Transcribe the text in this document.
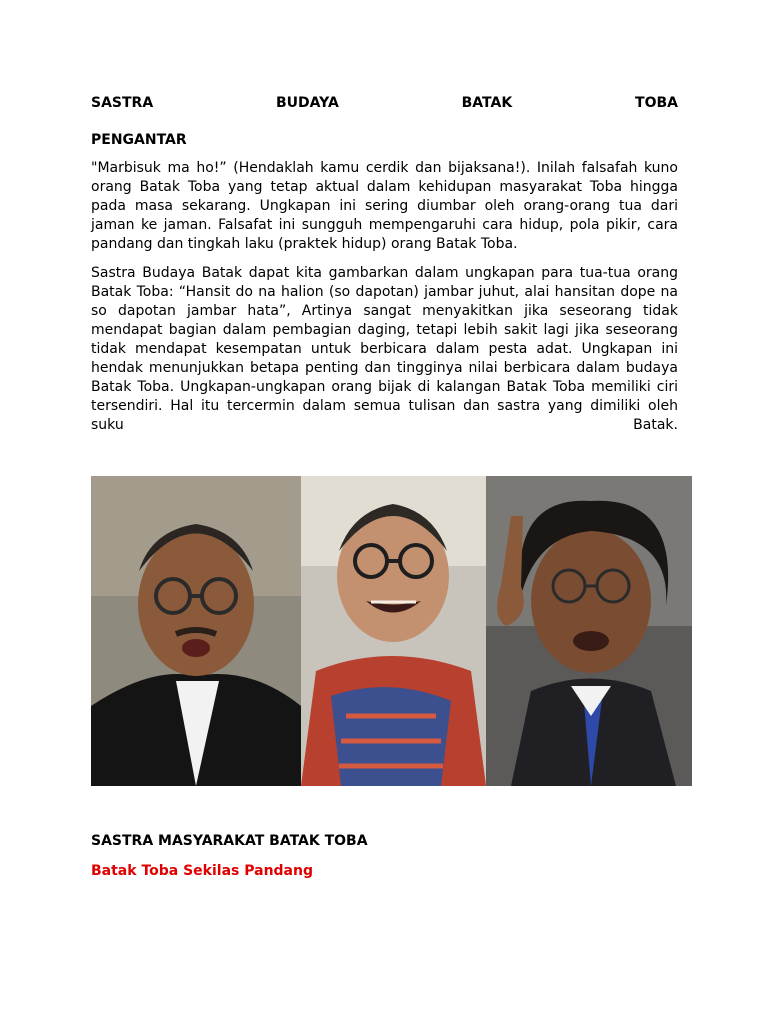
SASTRA	BUDAYA	BATAK	TOBA

PENGANTAR

"Marbisuk ma ho!” (Hendaklah kamu cerdik dan bijaksana!). Inilah falsafah kuno orang Batak Toba yang tetap aktual dalam kehidupan masyarakat Toba hingga pada masa sekarang. Ungkapan ini sering diumbar oleh orang-orang tua dari jaman ke jaman. Falsafat ini sungguh mempengaruhi cara hidup, pola pikir, cara pandang dan tingkah laku (praktek hidup) orang Batak Toba.

Sastra Budaya Batak dapat kita gambarkan dalam ungkapan para tua-tua orang Batak Toba: “Hansit do na halion (so dapotan) jambar juhut, alai hansitan dope na so dapotan jambar hata”, Artinya sangat menyakitkan jika seseorang tidak mendapat bagian dalam pembagian daging, tetapi lebih sakit lagi jika seseorang tidak mendapat kesempatan untuk berbicara dalam pesta adat. Ungkapan ini hendak menunjukkan betapa penting dan tingginya nilai berbicara dalam budaya Batak Toba. Ungkapan-ungkapan orang bijak di kalangan Batak Toba memiliki ciri tersendiri. Hal itu tercermin dalam semua tulisan dan sastra yang dimiliki oleh suku Batak.

SASTRA MASYARAKAT BATAK TOBA

Batak Toba Sekilas Pandang
